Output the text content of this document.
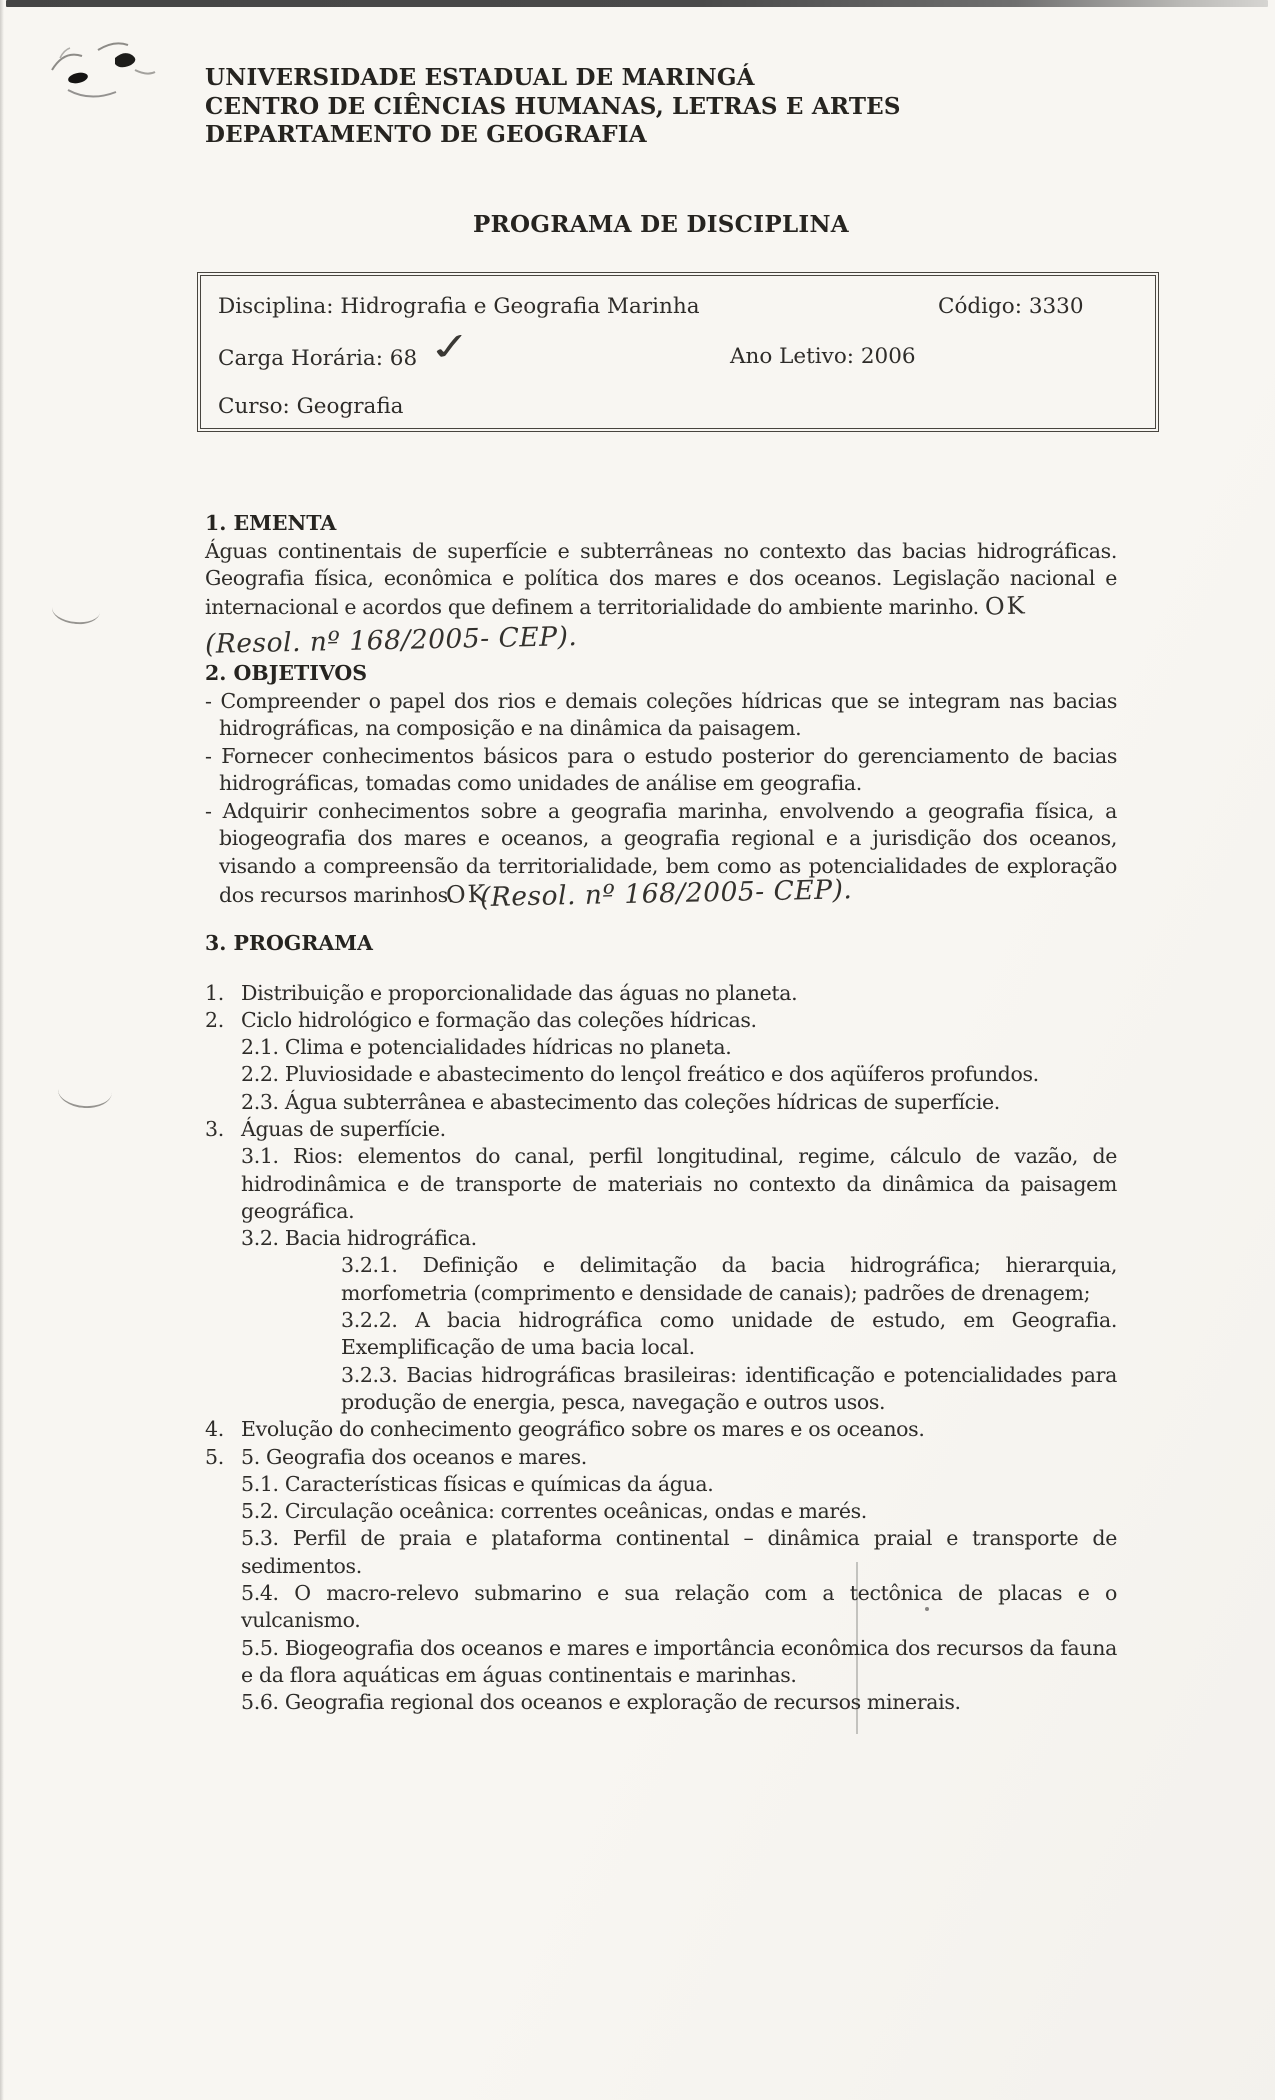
UNIVERSIDADE ESTADUAL DE MARINGÁ
CENTRO DE CIÊNCIAS HUMANAS, LETRAS E ARTES
DEPARTAMENTO DE GEOGRAFIA
PROGRAMA DE DISCIPLINA
Disciplina: Hidrografia e Geografia Marinha	Código: 3330
Carga Horária: 68 ✓	Ano Letivo: 2006
Curso: Geografia
1. EMENTA

Águas continentais de superfície e subterrâneas no contexto das bacias hidrográficas. Geografia física, econômica e política dos mares e dos oceanos. Legislação nacional e internacional e acordos que definem a territorialidade do ambiente marinho. OK

(Resol. nº 168/2005- CEP).
2. OBJETIVOS

- Compreender o papel dos rios e demais coleções hídricas que se integram nas bacias hidrográficas, na composição e na dinâmica da paisagem.

- Fornecer conhecimentos básicos para o estudo posterior do gerenciamento de bacias hidrográficas, tomadas como unidades de análise em geografia.

- Adquirir conhecimentos sobre a geografia marinha, envolvendo a geografia física, a biogeografia dos mares e oceanos, a geografia regional e a jurisdição dos oceanos, visando a compreensão da territorialidade, bem como as potencialidades de exploração dos recursos marinhos. OK (Resol. nº 168/2005- CEP).

3. PROGRAMA
1. Distribuição e proporcionalidade das águas no planeta.
2. Ciclo hidrológico e formação das coleções hídricas.
2.1. Clima e potencialidades hídricas no planeta.
2.2. Pluviosidade e abastecimento do lençol freático e dos aqüíferos profundos.
2.3. Água subterrânea e abastecimento das coleções hídricas de superfície.
3. Águas de superfície.
3.1. Rios: elementos do canal, perfil longitudinal, regime, cálculo de vazão, de hidrodinâmica e de transporte de materiais no contexto da dinâmica da paisagem geográfica.
3.2. Bacia hidrográfica.
3.2.1. Definição e delimitação da bacia hidrográfica; hierarquia, morfometria (comprimento e densidade de canais); padrões de drenagem;
3.2.2. A bacia hidrográfica como unidade de estudo, em Geografia. Exemplificação de uma bacia local.
3.2.3. Bacias hidrográficas brasileiras: identificação e potencialidades para produção de energia, pesca, navegação e outros usos.
4. Evolução do conhecimento geográfico sobre os mares e os oceanos.
5. 5. Geografia dos oceanos e mares.
5.1. Características físicas e químicas da água.
5.2. Circulação oceânica: correntes oceânicas, ondas e marés.
5.3. Perfil de praia e plataforma continental – dinâmica praial e transporte de sedimentos.
5.4. O macro-relevo submarino e sua relação com a tectônica de placas e o vulcanismo.
5.5. Biogeografia dos oceanos e mares e importância econômica dos recursos da fauna e da flora aquáticas em águas continentais e marinhas.
5.6. Geografia regional dos oceanos e exploração de recursos minerais.
